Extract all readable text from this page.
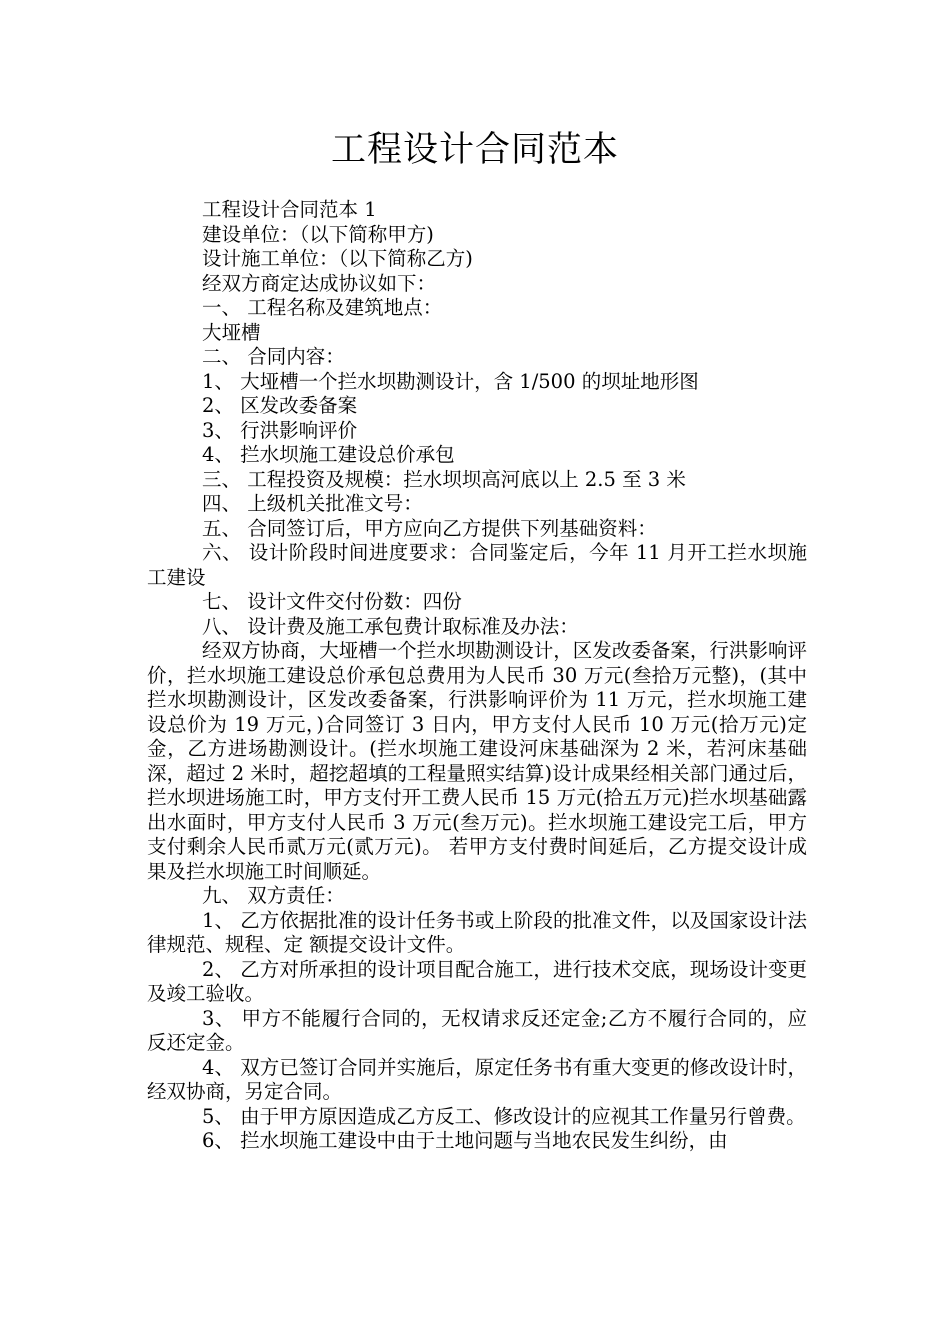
工程设计合同范本

工程设计合同范本 1

建设单位：（以下简称甲方)

设计施工单位：（以下简称乙方)

经双方商定达成协议如下：

一、 工程名称及建筑地点：

大垭槽

二、 合同内容：

1、 大垭槽一个拦水坝勘测设计，含 1/500 的坝址地形图

2、 区发改委备案

3、 行洪影响评价

4、 拦水坝施工建设总价承包

三、 工程投资及规模：拦水坝坝高河底以上 2.5 至 3 米

四、 上级机关批准文号：

五、 合同签订后，甲方应向乙方提供下列基础资料：

六、 设计阶段时间进度要求：合同鉴定后，今年 11 月开工拦水坝施工建设

七、 设计文件交付份数：四份

八、 设计费及施工承包费计取标准及办法：

经双方协商，大垭槽一个拦水坝勘测设计，区发改委备案，行洪影响评价，拦水坝施工建设总价承包总费用为人民币 30 万元(叁拾万元整)，(其中拦水坝勘测设计，区发改委备案，行洪影响评价为 11 万元，拦水坝施工建设总价为 19 万元，)合同签订 3 日内，甲方支付人民币 10 万元(拾万元)定金，乙方进场勘测设计。(拦水坝施工建设河床基础深为 2 米，若河床基础深，超过 2 米时，超挖超填的工程量照实结算)设计成果经相关部门通过后，拦水坝进场施工时，甲方支付开工费人民币 15 万元(拾五万元)拦水坝基础露出水面时，甲方支付人民币 3 万元(叁万元)。拦水坝施工建设完工后，甲方支付剩余人民币贰万元(贰万元)。 若甲方支付费时间延后，乙方提交设计成果及拦水坝施工时间顺延。

九、 双方责任：

1、 乙方依据批准的设计任务书或上阶段的批准文件，以及国家设计法律规范、规程、定 额提交设计文件。

2、 乙方对所承担的设计项目配合施工，进行技术交底，现场设计变更及竣工验收。

3、 甲方不能履行合同的，无权请求反还定金;乙方不履行合同的，应反还定金。

4、 双方已签订合同并实施后，原定任务书有重大变更的修改设计时，经双协商，另定合同。

5、 由于甲方原因造成乙方反工、修改设计的应视其工作量另行曾费。

6、 拦水坝施工建设中由于土地问题与当地农民发生纠纷，由
